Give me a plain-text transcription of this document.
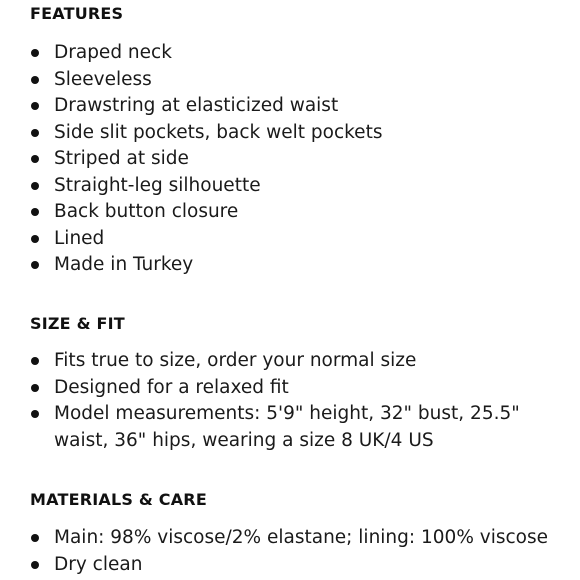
FEATURES
Draped neck
Sleeveless
Drawstring at elasticized waist
Side slit pockets, back welt pockets
Striped at side
Straight-leg silhouette
Back button closure
Lined
Made in Turkey
SIZE & FIT
Fits true to size, order your normal size
Designed for a relaxed fit
Model measurements: 5'9" height, 32" bust, 25.5" waist, 36" hips, wearing a size 8 UK/4 US
MATERIALS & CARE
Main: 98% viscose/2% elastane; lining: 100% viscose
Dry clean
